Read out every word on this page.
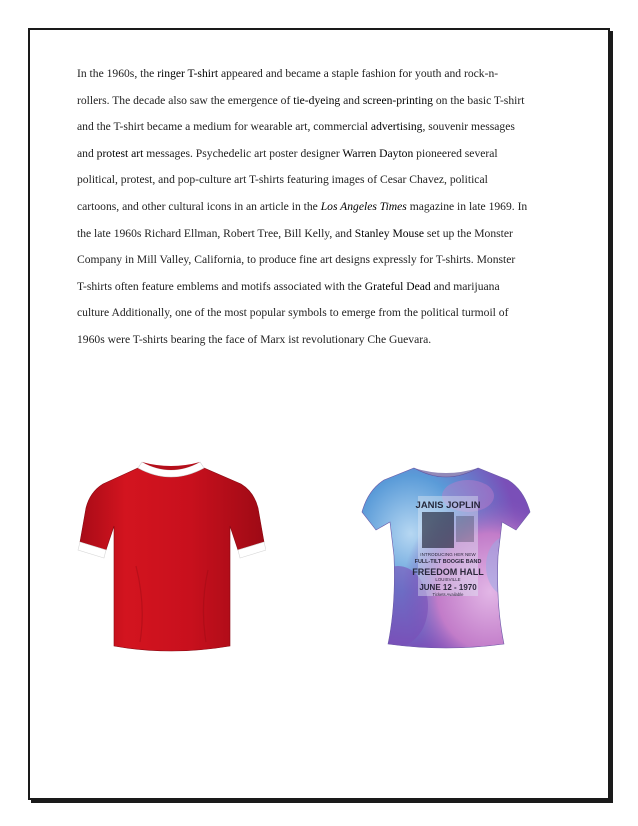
In the 1960s, the ringer T-shirt appeared and became a staple fashion for youth and rock-n-
rollers. The decade also saw the emergence of tie-dyeing and screen-printing on the basic T-shirt
and the T-shirt became a medium for wearable art, commercial advertising, souvenir messages
and protest art messages. Psychedelic art poster designer Warren Dayton pioneered several
political, protest, and pop-culture art T-shirts featuring images of Cesar Chavez, political
cartoons, and other cultural icons in an article in the Los Angeles Times magazine in late 1969. In
the late 1960s Richard Ellman, Robert Tree, Bill Kelly, and Stanley Mouse set up the Monster
Company in Mill Valley, California, to produce fine art designs expressly for T-shirts. Monster
T-shirts often feature emblems and motifs associated with the Grateful Dead and marijuana
culture Additionally, one of the most popular symbols to emerge from the political turmoil of
1960s were T-shirts bearing the face of Marx ist revolutionary Che Guevara.

JANIS JOPLIN
INTRODUCING HER NEW
FULL-TILT BOOGIE BAND
FREEDOM HALL
LOUISVILLE
JUNE 12 - 1970
Tickets Available
